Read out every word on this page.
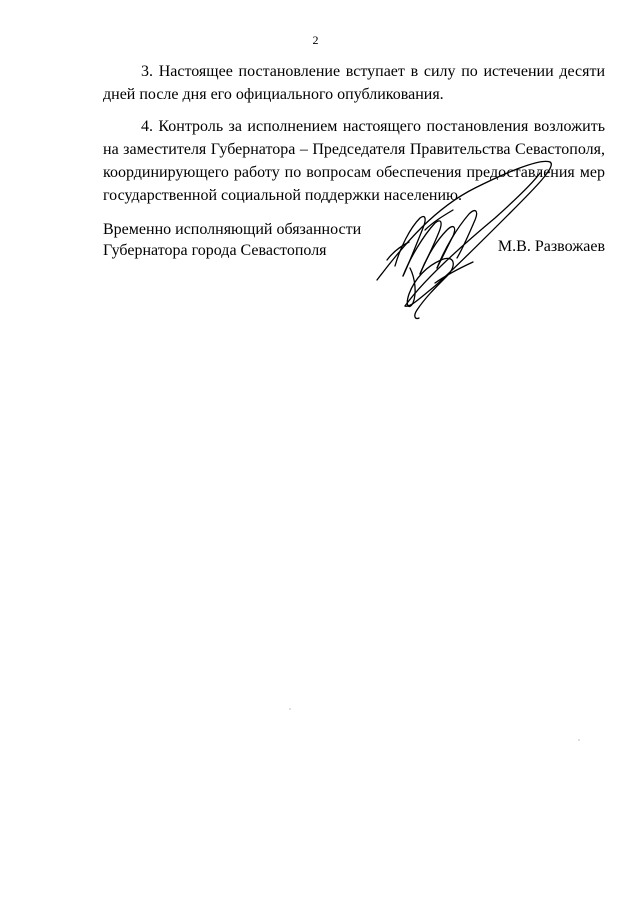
2

3. Настоящее постановление вступает в силу по истечении десяти дней после дня его официального опубликования.

4. Контроль за исполнением настоящего постановления возложить на заместителя Губернатора – Председателя Правительства Севастополя, координирующего работу по вопросам обеспечения предоставления мер государственной социальной поддержки населению.

Временно исполняющий обязанности
Губернатора города Севастополя	М.В. Развожаев
